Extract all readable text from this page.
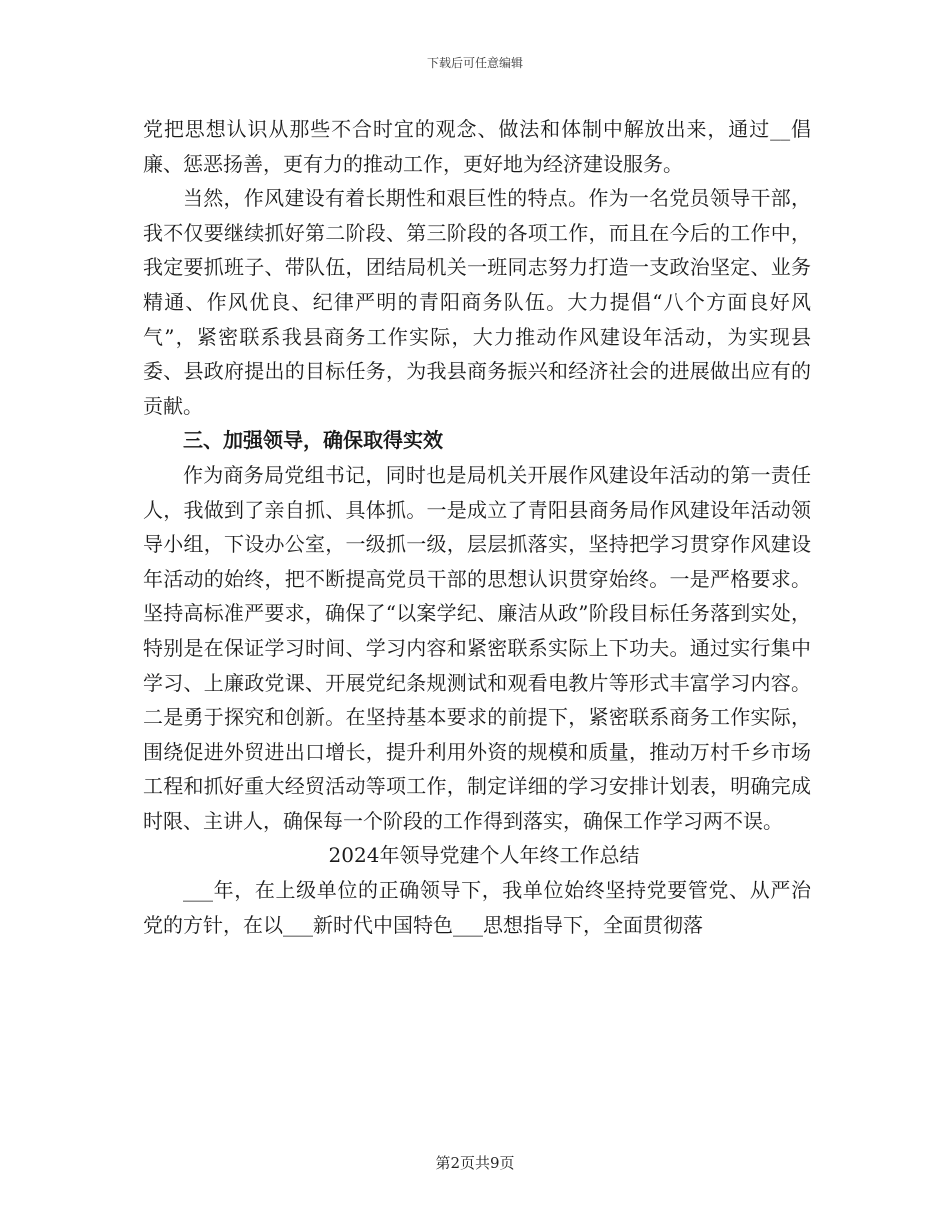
下载后可任意编辑

党把思想认识从那些不合时宜的观念、做法和体制中解放出来，通过__倡廉、惩恶扬善，更有力的推动工作，更好地为经济建设服务。

当然，作风建设有着长期性和艰巨性的特点。作为一名党员领导干部，我不仅要继续抓好第二阶段、第三阶段的各项工作，而且在今后的工作中，我定要抓班子、带队伍，团结局机关一班同志努力打造一支政治坚定、业务精通、作风优良、纪律严明的青阳商务队伍。大力提倡“八个方面良好风气”，紧密联系我县商务工作实际，大力推动作风建设年活动，为实现县委、县政府提出的目标任务，为我县商务振兴和经济社会的进展做出应有的贡献。

三、加强领导，确保取得实效

作为商务局党组书记，同时也是局机关开展作风建设年活动的第一责任人，我做到了亲自抓、具体抓。一是成立了青阳县商务局作风建设年活动领导小组，下设办公室，一级抓一级，层层抓落实，坚持把学习贯穿作风建设年活动的始终，把不断提高党员干部的思想认识贯穿始终。一是严格要求。坚持高标准严要求，确保了“以案学纪、廉洁从政”阶段目标任务落到实处，特别是在保证学习时间、学习内容和紧密联系实际上下功夫。通过实行集中学习、上廉政党课、开展党纪条规测试和观看电教片等形式丰富学习内容。二是勇于探究和创新。在坚持基本要求的前提下，紧密联系商务工作实际，围绕促进外贸进出口增长，提升利用外资的规模和质量，推动万村千乡市场工程和抓好重大经贸活动等项工作，制定详细的学习安排计划表，明确完成时限、主讲人，确保每一个阶段的工作得到落实，确保工作学习两不误。

2024年领导党建个人年终工作总结

___年，在上级单位的正确领导下，我单位始终坚持党要管党、从严治党的方针，在以___新时代中国特色___思想指导下，全面贯彻落

第2页共9页
